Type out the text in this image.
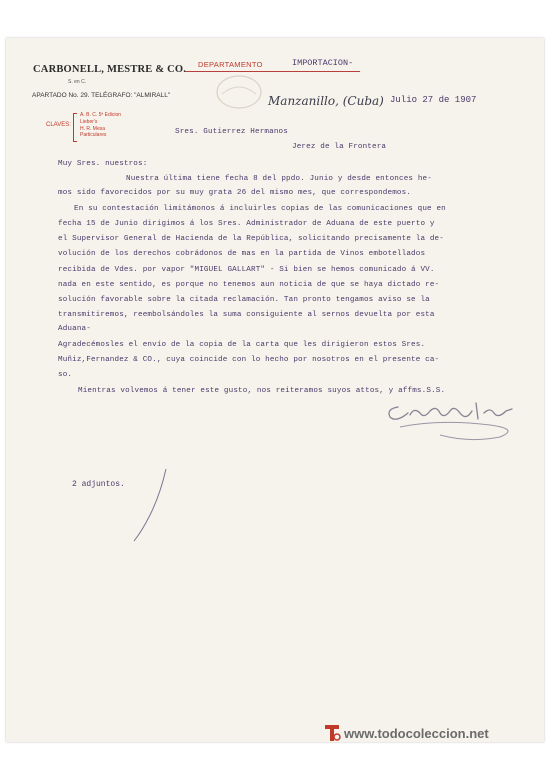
CARBONELL, MESTRE & CO.
S. en C.
APARTADO No. 29. TELÉGRAFO: "ALMIRALL"
CLAVES:
A. B. C. 5ª Edicion
Lieber's
H. R. Mesa
Particulares
DEPARTAMENTO	IMPORTACION-
Manzanillo, (Cuba) Julio 27 de 1907
Sres. Gutierrez Hermanos
Jerez de la Frontera
Muy Sres. nuestros:
Nuestra última tiene fecha 8 del ppdo. Junio y desde entonces he-
mos sido favorecidos por su muy grata 26 del mismo mes, que correspondemos.
En su contestación limitámonos á incluirles copias de las comunicaciones que en
fecha 15 de Junio dirigimos á los Sres. Administrador de Aduana de este puerto y
el Supervisor General de Hacienda de la República, solicitando precisamente la de-
volución de los derechos cobrádonos de mas en la partida de Vinos embotellados
recibida de Vdes. por vapor "MIGUEL GALLART" - Si bien se hemos comunicado á VV.
nada en este sentido, es porque no tenemos aun noticia de que se haya dictado re-
solución favorable sobre la citada reclamación. Tan pronto tengamos aviso se la
transmitiremos, reembolsándoles la suma consiguiente al sernos devuelta por esta
Aduana-
Agradecémosles el envío de la copia de la carta que les dirigieron estos Sres.
Muñiz,Fernandez & CO., cuya coincide con lo hecho por nosotros en el presente ca-
so.
Mientras volvemos á tener este gusto, nos reiteramos suyos attos, y affms.S.S.
2 adjuntos.
www.todocoleccion.net
